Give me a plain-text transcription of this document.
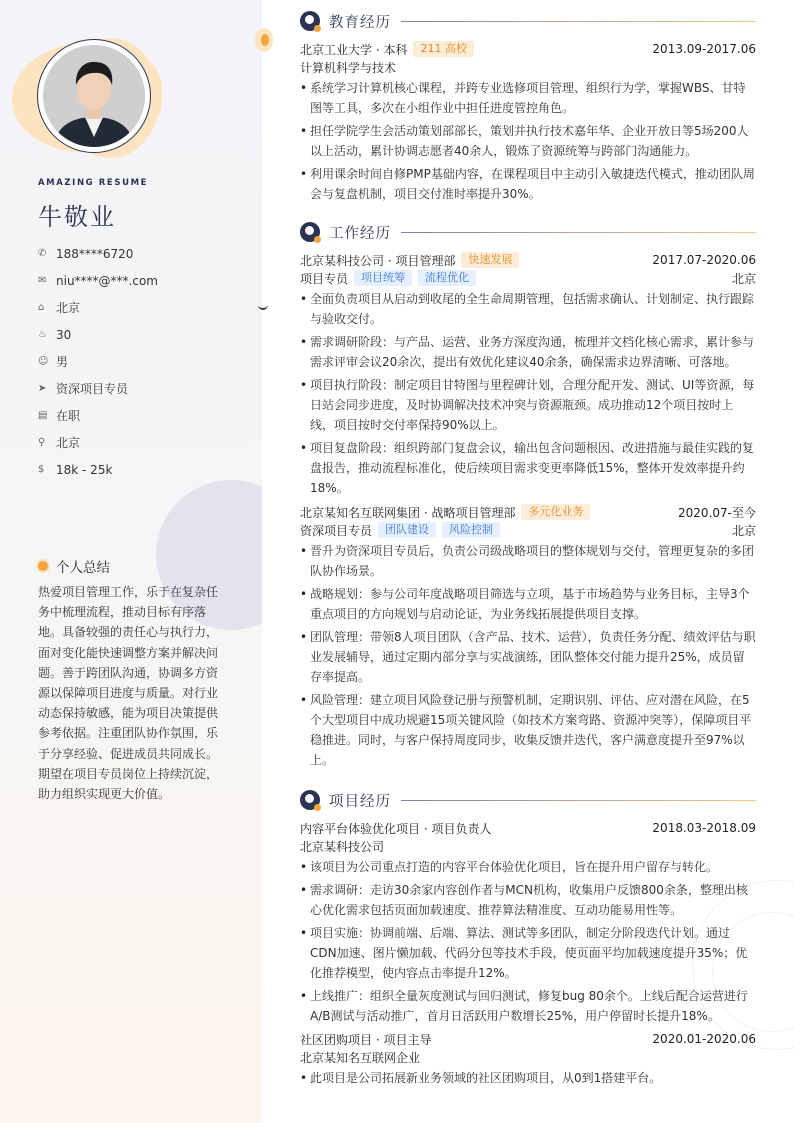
AMAZING RESUME
牛敬业
✆ 188****6720
✉ niu****@***.com
⌂ 北京
♨ 30
☺ 男
➤ 资深项目专员
▤ 在职
⚲ 北京
$ 18k - 25k
个人总结
热爱项目管理工作，乐于在复杂任务中梳理流程，推动目标有序落地。具备较强的责任心与执行力，面对变化能快速调整方案并解决问题。善于跨团队沟通，协调多方资源以保障项目进度与质量。对行业动态保持敏感，能为项目决策提供参考依据。注重团队协作氛围，乐于分享经验、促进成员共同成长。期望在项目专员岗位上持续沉淀，助力组织实现更大价值。
教育经历
北京工业大学 · 本科	211 高校	2013.09-2017.06
计算机科学与技术
• 系统学习计算机核心课程，并跨专业选修项目管理、组织行为学，掌握WBS、甘特图等工具，多次在小组作业中担任进度管控角色。
• 担任学院学生会活动策划部部长，策划并执行技术嘉年华、企业开放日等5场200人以上活动，累计协调志愿者40余人，锻炼了资源统筹与跨部门沟通能力。
• 利用课余时间自修PMP基础内容，在课程项目中主动引入敏捷迭代模式，推动团队周会与复盘机制，项目交付准时率提升30%。
工作经历
北京某科技公司 · 项目管理部	快速发展	2017.07-2020.06
项目专员	项目统筹	流程优化	北京
• 全面负责项目从启动到收尾的全生命周期管理，包括需求确认、计划制定、执行跟踪与验收交付。
• 需求调研阶段：与产品、运营、业务方深度沟通，梳理并文档化核心需求，累计参与需求评审会议20余次，提出有效优化建议40余条，确保需求边界清晰、可落地。
• 项目执行阶段：制定项目甘特图与里程碑计划，合理分配开发、测试、UI等资源，每日站会同步进度，及时协调解决技术冲突与资源瓶颈。成功推动12个项目按时上线，项目按时交付率保持90%以上。
• 项目复盘阶段：组织跨部门复盘会议，输出包含问题根因、改进措施与最佳实践的复盘报告，推动流程标准化，使后续项目需求变更率降低15%，整体开发效率提升约18%。
北京某知名互联网集团 · 战略项目管理部	多元化业务	2020.07-至今
资深项目专员	团队建设	风险控制	北京
• 晋升为资深项目专员后，负责公司级战略项目的整体规划与交付，管理更复杂的多团队协作场景。
• 战略规划：参与公司年度战略项目筛选与立项，基于市场趋势与业务目标，主导3个重点项目的方向规划与启动论证，为业务线拓展提供项目支撑。
• 团队管理：带领8人项目团队（含产品、技术、运营），负责任务分配、绩效评估与职业发展辅导，通过定期内部分享与实战演练，团队整体交付能力提升25%，成员留存率提高。
• 风险管理：建立项目风险登记册与预警机制，定期识别、评估、应对潜在风险，在5个大型项目中成功规避15项关键风险（如技术方案弯路、资源冲突等），保障项目平稳推进。同时，与客户保持周度同步，收集反馈并迭代，客户满意度提升至97%以上。
项目经历
内容平台体验优化项目 · 项目负责人	2018.03-2018.09
北京某科技公司
• 该项目为公司重点打造的内容平台体验优化项目，旨在提升用户留存与转化。
• 需求调研：走访30余家内容创作者与MCN机构，收集用户反馈800余条，整理出核心优化需求包括页面加载速度、推荐算法精准度、互动功能易用性等。
• 项目实施：协调前端、后端、算法、测试等多团队，制定分阶段迭代计划。通过CDN加速、图片懒加载、代码分包等技术手段，使页面平均加载速度提升35%；优化推荐模型，使内容点击率提升12%。
• 上线推广：组织全量灰度测试与回归测试，修复bug 80余个。上线后配合运营进行A/B测试与活动推广，首月日活跃用户数增长25%，用户停留时长提升18%。
社区团购项目 · 项目主导	2020.01-2020.06
北京某知名互联网企业
• 此项目是公司拓展新业务领域的社区团购项目，从0到1搭建平台。
